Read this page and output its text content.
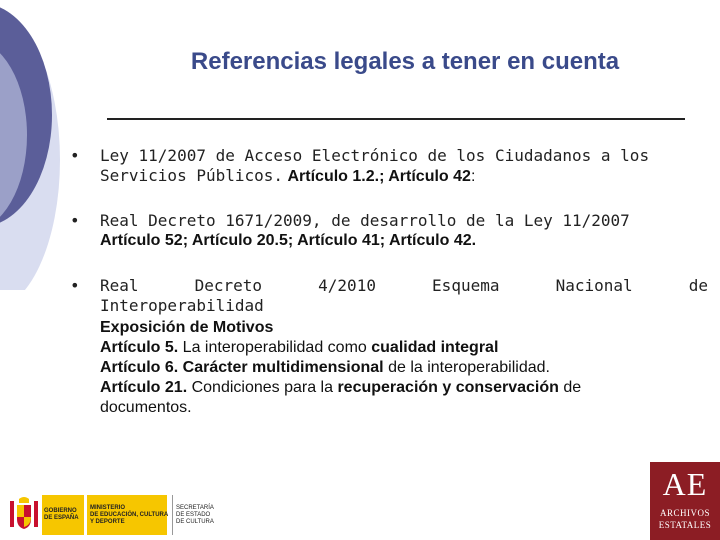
Referencias legales a tener en cuenta
• Ley 11/2007 de Acceso Electrónico de los Ciudadanos a los
Servicios Públicos. Artículo 1.2.; Artículo 42:
• Real Decreto 1671/2009, de desarrollo de la Ley 11/2007
Artículo 52; Artículo 20.5; Artículo 41; Artículo 42.
• Real	Decreto	4/2010	Esquema	Nacional	de
Interoperabilidad
Exposición de Motivos
Artículo 5. La interoperabilidad como cualidad integral
Artículo 6. Carácter multidimensional de la interoperabilidad.
Artículo 21. Condiciones para la recuperación y conservación de
documentos.
GOBIERNO
DE ESPAÑA
MINISTERIO
DE EDUCACIÓN, CULTURA
Y DEPORTE
SECRETARÍA
DE ESTADO
DE CULTURA
AE
ARCHIVOS
ESTATALES
